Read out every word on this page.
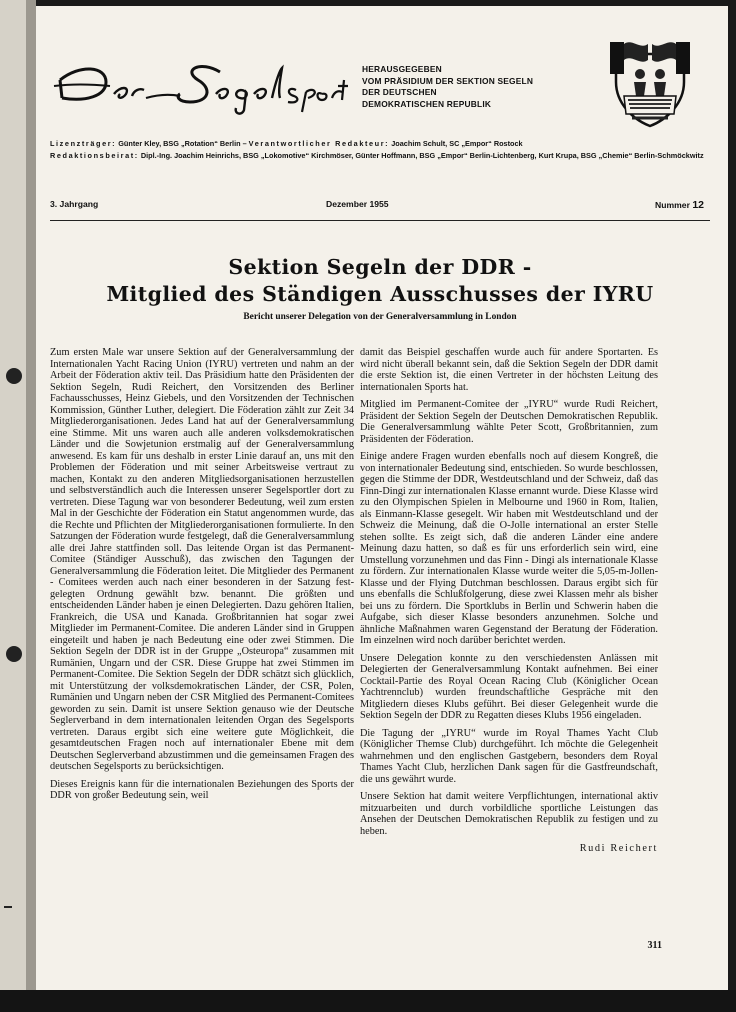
HERAUSGEGEBEN
VOM PRÄSIDIUM DER SEKTION SEGELN
DER DEUTSCHEN
DEMOKRATISCHEN REPUBLIK
Lizenzträger: Günter Kley, BSG „Rotation“ Berlin – Verantwortlicher Redakteur: Joachim Schult, SC „Empor“ Rostock
Redaktionsbeirat: Dipl.-Ing. Joachim Heinrichs, BSG „Lokomotive“ Kirchmöser, Günter Hoffmann, BSG „Empor“ Berlin-Lichtenberg, Kurt Krupa, BSG „Chemie“ Berlin-Schmöckwitz
3. Jahrgang	Dezember 1955	Nummer 12
Sektion Segeln der DDR -
Mitglied des Ständigen Ausschusses der IYRU
Bericht unserer Delegation von der Generalversammlung in London

Zum ersten Male war unsere Sektion auf der Generalversammlung der Internationalen Yacht Racing Union (IYRU) vertreten und nahm an der Arbeit der Föderation aktiv teil. Das Präsidium hatte den Präsidenten der Sektion Segeln, Rudi Reichert, den Vorsitzenden des Berliner Fachausschusses, Heinz Giebels, und den Vorsitzenden der Technischen Kommission, Günther Luther, delegiert. Die Föderation zählt zur Zeit 34 Mitgliederorganisationen. Jedes Land hat auf der Generalversammlung eine Stimme. Mit uns waren auch alle anderen volksdemokratischen Länder und die Sowjetunion erstmalig auf der Generalversammlung anwesend. Es kam für uns deshalb in erster Linie darauf an, uns mit den Problemen der Föderation und mit seiner Arbeitsweise vertraut zu machen, Kontakt zu den anderen Mitgliedsorganisationen herzustellen und selbstverständlich auch die Interessen unserer Segelsportler dort zu vertreten. Diese Tagung war von besonderer Bedeutung, weil zum ersten Mal in der Geschichte der Föderation ein Statut angenommen wurde, das die Rechte und Pflichten der Mitgliederorganisationen formulierte. In den Satzungen der Föderation wurde festgelegt, daß die Generalversammlung alle drei Jahre stattfinden soll. Das leitende Organ ist das Permanent-Comitee (Ständiger Ausschuß), das zwischen den Tagungen der Generalversammlung die Föderation leitet. Die Mitglieder des Permanent - Comitees werden auch nach einer besonderen in der Satzung festgelegten Ordnung gewählt bzw. benannt. Die größten und entscheidenden Länder haben je einen Delegierten. Dazu gehören Italien, Frankreich, die USA und Kanada. Großbritannien hat sogar zwei Mitglieder im Permanent-Comitee. Die anderen Länder sind in Gruppen eingeteilt und haben je nach Bedeutung eine oder zwei Stimmen. Die Sektion Segeln der DDR ist in der Gruppe „Osteuropa“ zusammen mit Rumänien, Ungarn und der CSR. Diese Gruppe hat zwei Stimmen im Permanent-Comitee. Die Sektion Segeln der DDR schätzt sich glücklich, mit Unterstützung der volksdemokratischen Länder, der CSR, Polen, Rumänien und Ungarn neben der CSR Mitglied des Permanent-Comitees geworden zu sein. Damit ist unsere Sektion genauso wie der Deutsche Seglerverband in dem internationalen leitenden Organ des Segelsports vertreten. Daraus ergibt sich eine weitere gute Möglichkeit, die gesamtdeutschen Fragen noch auf internationaler Ebene mit dem Deutschen Seglerverband abzustimmen und die gemeinsamen Fragen des deutschen Segelsports zu berücksichtigen.

Dieses Ereignis kann für die internationalen Beziehungen des Sports der DDR von großer Bedeutung sein, weil

damit das Beispiel geschaffen wurde auch für andere Sportarten. Es wird nicht überall bekannt sein, daß die Sektion Segeln der DDR damit die erste Sektion ist, die einen Vertreter in der höchsten Leitung des internationalen Sports hat.

Mitglied im Permanent-Comitee der „IYRU“ wurde Rudi Reichert, Präsident der Sektion Segeln der Deutschen Demokratischen Republik. Die Generalversammlung wählte Peter Scott, Großbritannien, zum Präsidenten der Föderation.

Einige andere Fragen wurden ebenfalls noch auf diesem Kongreß, die von internationaler Bedeutung sind, entschieden. So wurde beschlossen, gegen die Stimme der DDR, Westdeutschland und der Schweiz, daß das Finn-Dingi zur internationalen Klasse ernannt wurde. Diese Klasse wird zu den Olympischen Spielen in Melbourne und 1960 in Rom, Italien, als Einmann-Klasse gesegelt. Wir haben mit Westdeutschland und der Schweiz die Meinung, daß die O-Jolle international an erster Stelle stehen sollte. Es zeigt sich, daß die anderen Länder eine andere Meinung dazu hatten, so daß es für uns erforderlich sein wird, eine Umstellung vorzunehmen und das Finn - Dingi als internationale Klasse zu fördern. Zur internationalen Klasse wurde weiter die 5,05-m-Jollen-Klasse und der Flying Dutchman beschlossen. Daraus ergibt sich für uns ebenfalls die Schlußfolgerung, diese zwei Klassen mehr als bisher bei uns zu fördern. Die Sportklubs in Berlin und Schwerin haben die Aufgabe, sich dieser Klasse besonders anzunehmen. Solche und ähnliche Maßnahmen waren Gegenstand der Beratung der Föderation. Im einzelnen wird noch darüber berichtet werden.

Unsere Delegation konnte zu den verschiedensten Anlässen mit Delegierten der Generalversammlung Kontakt aufnehmen. Bei einer Cocktail-Partie des Royal Ocean Racing Club (Königlicher Ocean Yachtrennclub) wurden freundschaftliche Gespräche mit den Mitgliedern dieses Klubs geführt. Bei dieser Gelegenheit wurde die Sektion Segeln der DDR zu Regatten dieses Klubs 1956 eingeladen.

Die Tagung der „IYRU“ wurde im Royal Thames Yacht Club (Königlicher Themse Club) durchgeführt. Ich möchte die Gelegenheit wahrnehmen und den englischen Gastgebern, besonders dem Royal Thames Yacht Club, herzlichen Dank sagen für die Gastfreundschaft, die uns gewährt wurde.

Unsere Sektion hat damit weitere Verpflichtungen, international aktiv mitzuarbeiten und durch vorbildliche sportliche Leistungen das Ansehen der Deutschen Demokratischen Republik zu festigen und zu heben.

Rudi Reichert
311
